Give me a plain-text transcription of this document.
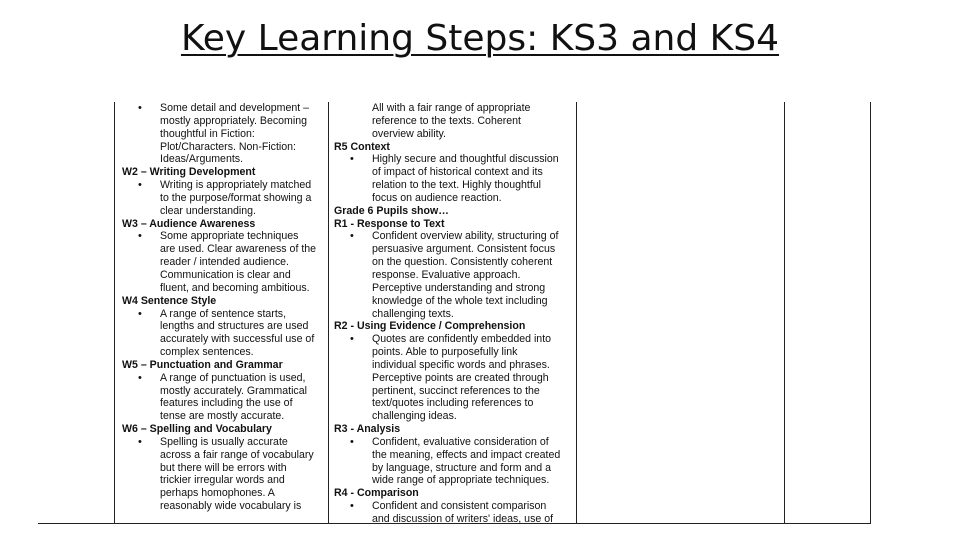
Key Learning Steps: KS3 and KS4
• Some detail and development –
mostly appropriately. Becoming
thoughtful in Fiction:
Plot/Characters. Non-Fiction:
Ideas/Arguments.
W2 – Writing Development
• Writing is appropriately matched
to the purpose/format showing a
clear understanding.
W3 – Audience Awareness
• Some appropriate techniques
are used. Clear awareness of the
reader / intended audience.
Communication is clear and
fluent, and becoming ambitious.
W4 Sentence Style
• A range of sentence starts,
lengths and structures are used
accurately with successful use of
complex sentences.
W5 – Punctuation and Grammar
• A range of punctuation is used,
mostly accurately. Grammatical
features including the use of
tense are mostly accurate.
W6 – Spelling and Vocabulary
• Spelling is usually accurate
across a fair range of vocabulary
but there will be errors with
trickier irregular words and
perhaps homophones. A
reasonably wide vocabulary is
All with a fair range of appropriate
reference to the texts. Coherent
overview ability.
R5 Context
• Highly secure and thoughtful discussion
of impact of historical context and its
relation to the text. Highly thoughtful
focus on audience reaction.
Grade 6 Pupils show…
R1 - Response to Text
• Confident overview ability, structuring of
persuasive argument. Consistent focus
on the question. Consistently coherent
response. Evaluative approach.
Perceptive understanding and strong
knowledge of the whole text including
challenging texts.
R2 - Using Evidence / Comprehension
• Quotes are confidently embedded into
points. Able to purposefully link
individual specific words and phrases.
Perceptive points are created through
pertinent, succinct references to the
text/quotes including references to
challenging ideas.
R3 - Analysis
• Confident, evaluative consideration of
the meaning, effects and impact created
by language, structure and form and a
wide range of appropriate techniques.
R4 - Comparison
• Confident and consistent comparison
and discussion of writers' ideas, use of
